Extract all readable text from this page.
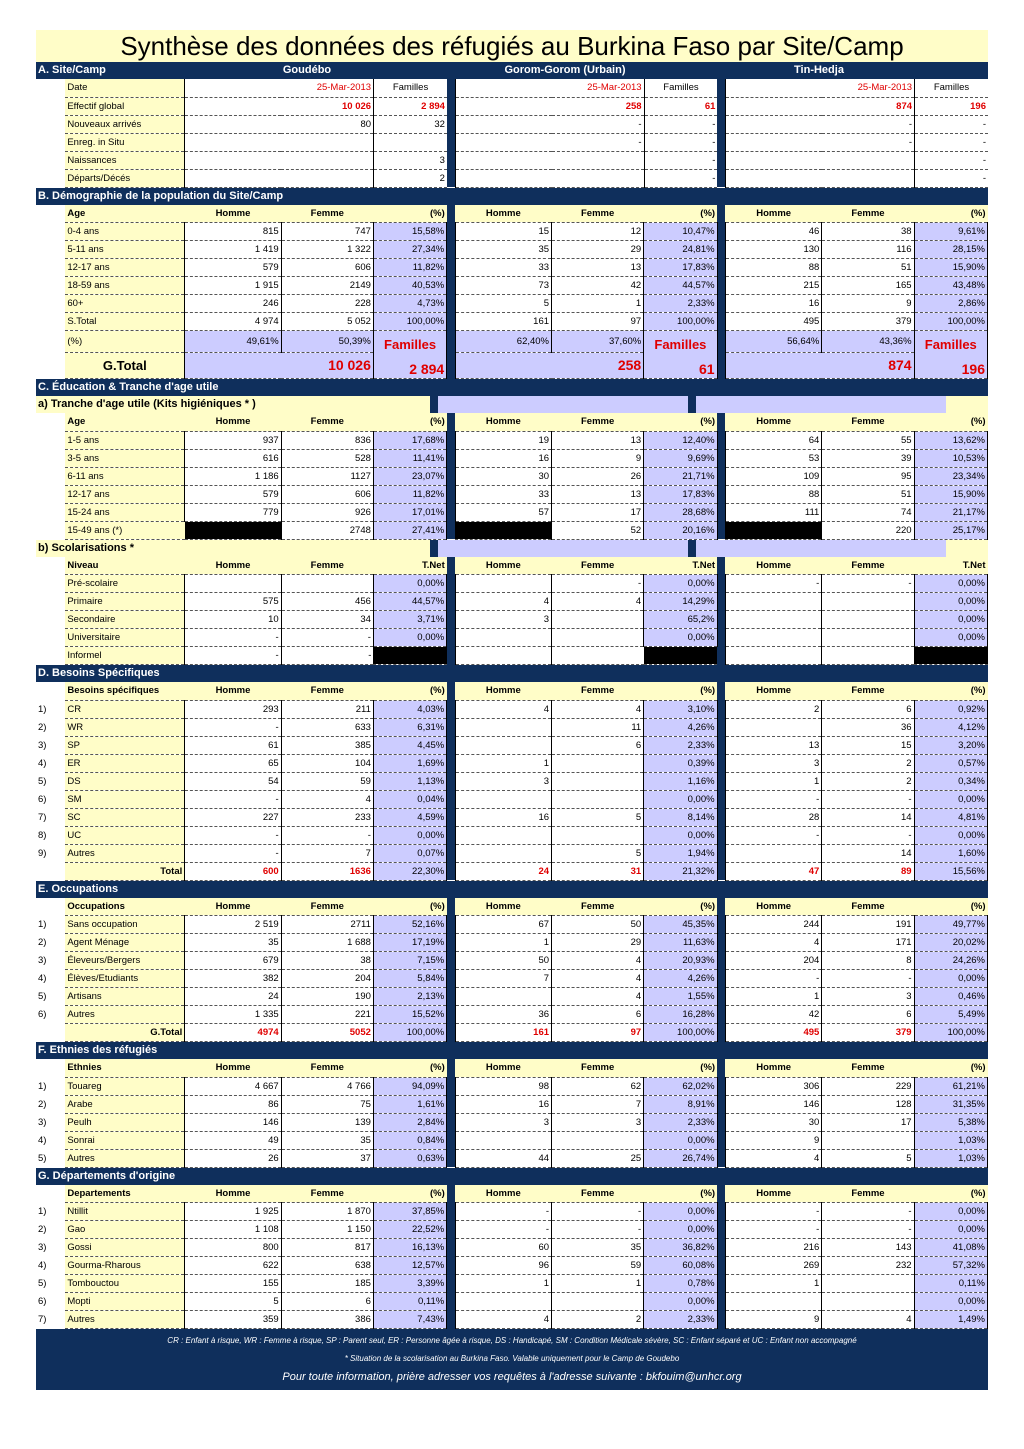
Synthèse des données des réfugiés au Burkina Faso par Site/Camp
A. Site/Camp	Goudébo	Gorom-Gorom (Urbain)	Tin-Hedja
	Date	25-Mar-2013	Familles		25-Mar-2013	Familles		25-Mar-2013	Familles
	Effectif global	10 026	2 894		258	61		874	196
	Nouveaux arrivés	80	32		-	-		-	-
	Enreg. in Situ				-	-		-	-
	Naissances		3			-			-
	Départs/Décés		2			-			-
B. Démographie de la population du Site/Camp
	Age	Homme	Femme	(%)		Homme	Femme	(%)		Homme	Femme	(%)
	0-4 ans	815	747	15,58%		15	12	10,47%		46	38	9,61%
	5-11 ans	1 419	1 322	27,34%		35	29	24,81%		130	116	28,15%
	12-17 ans	579	606	11,82%		33	13	17,83%		88	51	15,90%
	18-59 ans	1 915	2149	40,53%		73	42	44,57%		215	165	43,48%
	60+	246	228	4,73%		5	1	2,33%		16	9	2,86%
	S.Total	4 974	5 052	100,00%		161	97	100,00%		495	379	100,00%
	(%)	49,61%	50,39%	Familles		62,40%	37,60%	Familles		56,64%	43,36%	Familles
	G.Total	10 026		2 894		258		61		874		196
C. Éducation & Tranche d'age utile
a) Tranche d'age utile (Kits higiéniques * )
	Age	Homme	Femme	(%)		Homme	Femme	(%)		Homme	Femme	(%)
	1-5 ans	937	836	17,68%		19	13	12,40%		64	55	13,62%
	3-5 ans	616	528	11,41%		16	9	9,69%		53	39	10,53%
	6-11 ans	1 186	1127	23,07%		30	26	21,71%		109	95	23,34%
	12-17 ans	579	606	11,82%		33	13	17,83%		88	51	15,90%
	15-24 ans	779	926	17,01%		57	17	28,68%		111	74	21,17%
	15-49 ans (*)		2748	27,41%			52	20,16%			220	25,17%
b) Scolarisations *
	Niveau	Homme	Femme	T.Net		Homme	Femme	T.Net		Homme	Femme	T.Net
	Pré-scolaire			0,00%			-	0,00%		-	-	0,00%
	Primaire	575	456	44,57%		4	4	14,29%				0,00%
	Secondaire	10	34	3,71%		3		65,2%				0,00%
	Universitaire	-	-	0,00%				0,00%				0,00%
	Informel	-	-									
D. Besoins Spécifiques
	Besoins spécifiques	Homme	Femme	(%)		Homme	Femme	(%)		Homme	Femme	(%)
1)	CR	293	211	4,03%		4	4	3,10%		2	6	0,92%
2)	WR	-	633	6,31%			11	4,26%			36	4,12%
3)	SP	61	385	4,45%			6	2,33%		13	15	3,20%
4)	ER	65	104	1,69%		1		0,39%		3	2	0,57%
5)	DS	54	59	1,13%		3		1,16%		1	2	0,34%
6)	SM	-	4	0,04%				0,00%		-	-	0,00%
7)	SC	227	233	4,59%		16	5	8,14%		28	14	4,81%
8)	UC	-	-	0,00%				0,00%		-	-	0,00%
9)	Autres	-	7	0,07%			5	1,94%			14	1,60%
	Total	600	1636	22,30%		24	31	21,32%		47	89	15,56%
E. Occupations
	Occupations	Homme	Femme	(%)		Homme	Femme	(%)		Homme	Femme	(%)
1)	Sans occupation	2 519	2711	52,16%		67	50	45,35%		244	191	49,77%
2)	Agent Ménage	35	1 688	17,19%		1	29	11,63%		4	171	20,02%
3)	Éleveurs/Bergers	679	38	7,15%		50	4	20,93%		204	8	24,26%
4)	Élèves/Etudiants	382	204	5,84%		7	4	4,26%		-	-	0,00%
5)	Artisans	24	190	2,13%			4	1,55%		1	3	0,46%
6)	Autres	1 335	221	15,52%		36	6	16,28%		42	6	5,49%
	G.Total	4974	5052	100,00%		161	97	100,00%		495	379	100,00%
F. Ethnies des réfugiés
	Ethnies	Homme	Femme	(%)		Homme	Femme	(%)		Homme	Femme	(%)
1)	Touareg	4 667	4 766	94,09%		98	62	62,02%		306	229	61,21%
2)	Arabe	86	75	1,61%		16	7	8,91%		146	128	31,35%
3)	Peulh	146	139	2,84%		3	3	2,33%		30	17	5,38%
4)	Sonrai	49	35	0,84%				0,00%		9		1,03%
5)	Autres	26	37	0,63%		44	25	26,74%		4	5	1,03%
G. Départements d'origine
	Departements	Homme	Femme	(%)		Homme	Femme	(%)		Homme	Femme	(%)
1)	Ntillit	1 925	1 870	37,85%		-	-	0,00%		-	-	0,00%
2)	Gao	1 108	1 150	22,52%		-	-	0,00%		-	-	0,00%
3)	Gossi	800	817	16,13%		60	35	36,82%		216	143	41,08%
4)	Gourma-Rharous	622	638	12,57%		96	59	60,08%		269	232	57,32%
5)	Tombouctou	155	185	3,39%		1	1	0,78%		1		0,11%
6)	Mopti	5	6	0,11%				0,00%				0,00%
7)	Autres	359	386	7,43%		4	2	2,33%		9	4	1,49%
CR : Enfant à risque, WR : Femme à risque, SP : Parent seul, ER : Personne âgée à risque, DS : Handicapé, SM : Condition Médicale sévère, SC : Enfant séparé et UC : Enfant non accompagné
* Situation de la scolarisation au Burkina Faso. Valable uniquement pour le Camp de Goudebo
Pour toute information, prière adresser vos requêtes à l'adresse suivante : bkfouim@unhcr.org
